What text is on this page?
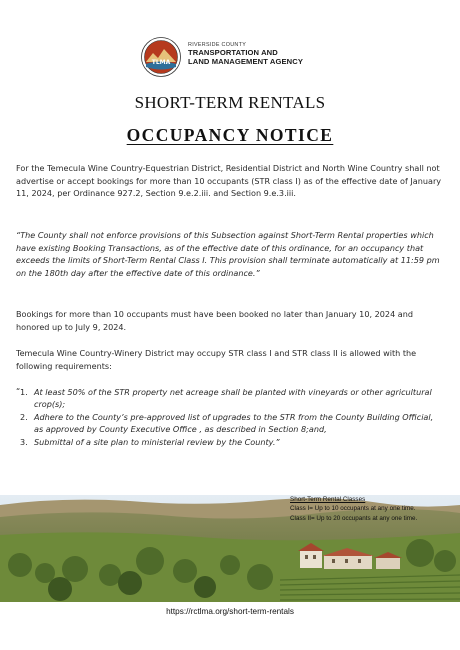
TLMA
RIVERSIDE COUNTY
TRANSPORTATION AND
LAND MANAGEMENT AGENCY
SHORT-TERM RENTALS
OCCUPANCY NOTICE
For the Temecula Wine Country-Equestrian District, Residential District and North Wine Country shall not advertise or accept bookings for more than 10 occupants (STR class I) as of the effective date of January 11, 2024, per Ordinance 927.2, Section 9.e.2.iii. and Section 9.e.3.iii.
“The County shall not enforce provisions of this Subsection against Short-Term Rental properties which have existing Booking Transactions, as of the effective date of this ordinance, for an occupancy that exceeds the limits of Short-Term Rental Class I. This provision shall terminate automatically at 11:59 pm on the 180th day after the effective date of this ordinance.”
Bookings for more than 10 occupants must have been booked no later than January 10, 2024 and honored up to July 9, 2024.
Temecula Wine Country-Winery District may occupy STR class I and STR class II is allowed with the following requirements:
“ 1. At least 50% of the STR property net acreage shall be planted with vineyards or other agricultural crop(s);
2. Adhere to the County’s pre-approved list of upgrades to the STR from the County Building Official, as approved by County Executive Office , as described in Section 8;and,
3. Submittal of a site plan to ministerial review by the County.”
Short-Term Rental Classes
Class I= Up to 10 occupants at any one time.
Class II= Up to 20 occupants at any one time.
https://rctlma.org/short-term-rentals
